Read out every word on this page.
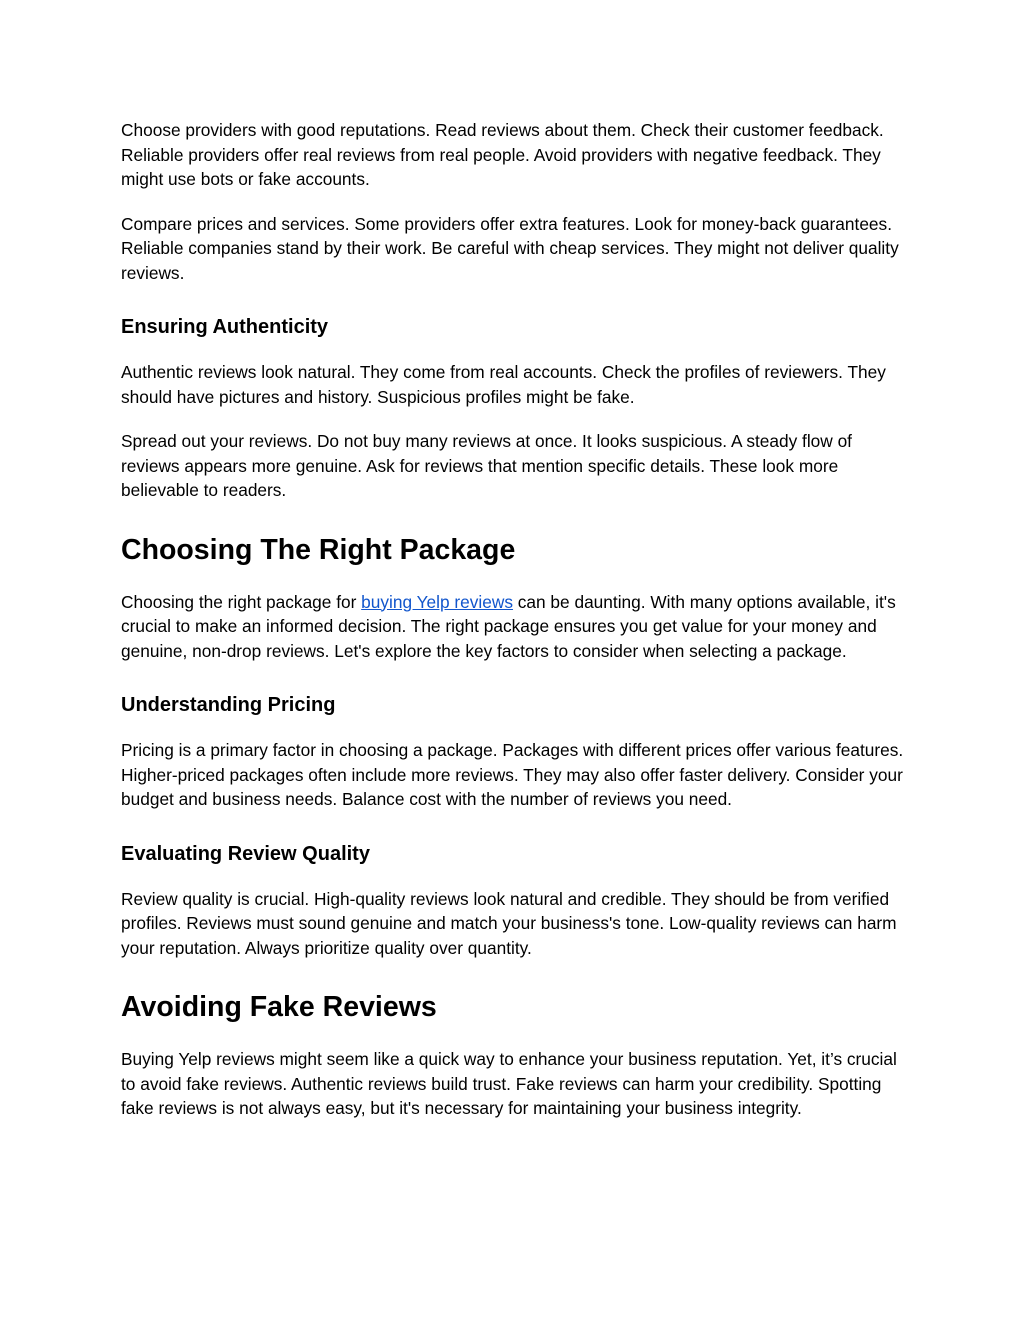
Choose providers with good reputations. Read reviews about them. Check their customer feedback. Reliable providers offer real reviews from real people. Avoid providers with negative feedback. They might use bots or fake accounts.

Compare prices and services. Some providers offer extra features. Look for money-back guarantees. Reliable companies stand by their work. Be careful with cheap services. They might not deliver quality reviews.

Ensuring Authenticity

Authentic reviews look natural. They come from real accounts. Check the profiles of reviewers. They should have pictures and history. Suspicious profiles might be fake.

Spread out your reviews. Do not buy many reviews at once. It looks suspicious. A steady flow of reviews appears more genuine. Ask for reviews that mention specific details. These look more believable to readers.

Choosing The Right Package

Choosing the right package for buying Yelp reviews can be daunting. With many options available, it's crucial to make an informed decision. The right package ensures you get value for your money and genuine, non-drop reviews. Let's explore the key factors to consider when selecting a package.

Understanding Pricing

Pricing is a primary factor in choosing a package. Packages with different prices offer various features. Higher-priced packages often include more reviews. They may also offer faster delivery. Consider your budget and business needs. Balance cost with the number of reviews you need.

Evaluating Review Quality

Review quality is crucial. High-quality reviews look natural and credible. They should be from verified profiles. Reviews must sound genuine and match your business's tone. Low-quality reviews can harm your reputation. Always prioritize quality over quantity.

Avoiding Fake Reviews

Buying Yelp reviews might seem like a quick way to enhance your business reputation. Yet, it’s crucial to avoid fake reviews. Authentic reviews build trust. Fake reviews can harm your credibility. Spotting fake reviews is not always easy, but it's necessary for maintaining your business integrity.
